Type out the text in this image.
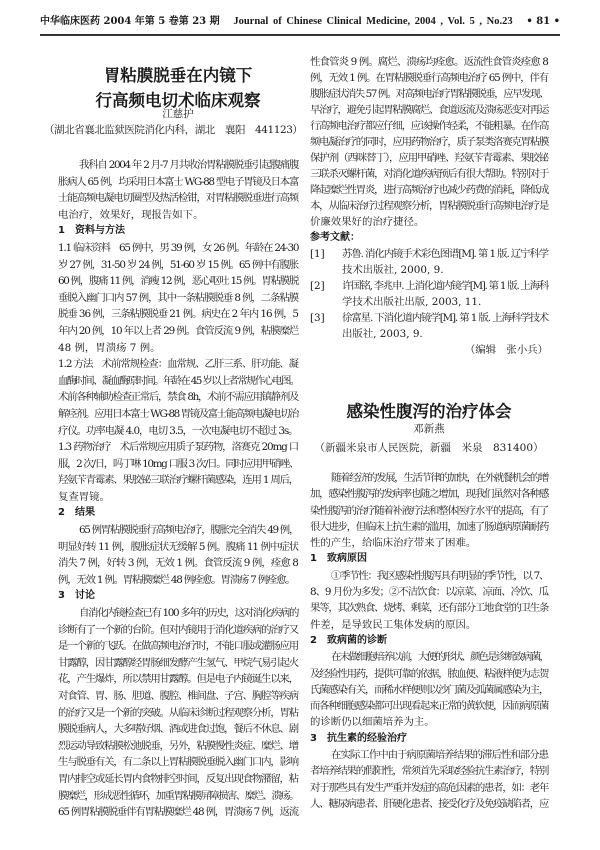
中华临床医药 2004 年第 5 卷第 23 期	Journal of Chinese Clinical Medicine, 2004 , Vol. 5 , No.23	• 81 •
胃粘膜脱垂在内镜下
行高频电切术临床观察
江慈护
（湖北省襄北监狱医院消化内科，湖北　襄阳　441123）
我科自 2004 年 2 月-7 月共收治胃粘膜脱垂引起腹痛腹
胀病人 65 例，均采用日本富士 WG-88 型电子胃镜及日本富
士能高频电凝电切圈型及热活检钳，对胃粘膜脱垂进行高频
电治疗，效果好，现报告如下。
1　资料与方法
1.1 临床资料　65 例中，男 39 例，女 26 例。年龄在 24-30
岁 27 例，31-50 岁 24 例，51-60 岁 15 例。65 例中有腹胀
60 例，腹痛 11 例，消瘦 12 例，恶心呕吐 15 例。胃粘膜脱
垂脱入幽门口内 57 例，其中一条粘膜脱垂 8 例，二条粘膜
脱垂 36 例，三条粘膜脱垂 21 例。病史在 2 年内 16 例，5
年内 20 例，10 年以上者 29 例。食管反流 9 例，粘膜糜烂
48 例，胃溃疡 7 例。
1.2 方法　术前常规检查：血常规、乙肝三系、肝功能、凝
血酶时间、凝血酶原时间。年龄在 45 岁以上者常规作心电图。
术前各种辅助检查正常后，禁食 8h，术前不需应用镇静剂及
解痉剂。应用日本富士 WG-88 胃镜及富士能高频电凝电切治
疗仪。功率电凝 4.0，电切 3.5，一次电凝电切不超过 3s。
1.3 药物治疗　术后常规应用质子泵药物，洛赛克 20mg 口
服，2 次/日，吗丁啉 10mg 口服 3 次/日。同时应用甲硝唑、
羟氨苄青霉素、果胶铋三联治疗螺杆菌感染，连用 1 周后，
复查胃镜。
2　结果
65 例胃粘膜脱垂行高频电治疗，腹胀完全消失 49 例，
明显好转 11 例，腹胀症状无缓解 5 例。腹痛 11 例中症状
消失 7 例，好转 3 例，无效 1 例。食管反流 9 例，痊愈 8
例，无效 1 例。胃粘膜糜烂 48 例痊愈。胃溃疡 7 例痊愈。
3　讨论
自消化内镜检查已有 100 多年的历史，这对消化疾病的
诊断有了一个新的台阶。但对内镜用于消化道疾病的治疗又
是一个新的飞跃。在做高频电治疗时，不能口服或灌肠应用
甘露醇，因甘露醇经胃肠细发酵产生氢气、甲烷气易引起火
花，产生爆炸，所以禁用甘露醇。但是电子内镜诞生以来，
对食管、胃、肠、胆道、腹腔、椎间盘、子宫、胸腔等疾病
的治疗又是一个新的突破。从临床诊断过程观察分析，胃粘
膜脱垂病人，大多嗜好烟、酒或进食过饱，餐后不休息、剧
烈运动导致粘膜松弛脱垂，另外，粘膜慢性炎症、糜烂、增
生与脱垂有关，有二条以上胃粘膜脱垂脱入幽门口内，影响
胃内排空或延长胃内食物排空时间，反复出现食物潴留，粘
膜糜烂，形成恶性循环，加重胃粘膜屏障损害、糜烂、溃疡。
65 例胃粘膜脱垂伴有胃粘膜糜烂 48 例，胃溃疡 7 例，返流
性食管炎 9 例。腐烂、溃疡均痊愈。返流性食管炎痊愈 8
例，无效 1 例。在胃粘膜脱垂行高频电治疗 65 例中，伴有
腹胀症状消失 57 例。对高频电治疗胃粘膜脱垂，应早发现、
早治疗，避免引起胃粘膜腐烂、食道返流及溃疡恶变对再运
行高频电治疗都应仔细，应该操作轻柔，不能粗暴。在作高
频电凝治疗的同时，应用药物治疗，质子泵类洛赛克胃粘膜
保护剂（西咪替丁），应用甲硝唑、羟氨苄青霉素、果胶铋
三联杀灭螺杆菌，对消化道疾病预后有很大帮助。特别对于
降起糜烂性胃炎，进行高频治疗也减少药费的消耗，降低成
本，从临床治疗过程观察分析，胃粘膜脱垂行高频电治疗是
价廉效果好的治疗捷径。
参考文献：
[1]	苏鲁. 消化内镜手术彩色图谱[M]. 第 1 版. 辽宁科学
技术出版社, 2000, 9.
[2]	许国铭, 李兆申. 上消化道内镜学[M]. 第 1 版. 上海科
学技术出版社出版, 2003, 11.
[3]	徐富星. 下消化道内镜学[M]. 第 1 版. 上海科学技术
出版社, 2003, 9.
（编辑　张小兵）
感染性腹泻的治疗体会
邓新燕
（新疆米泉市人民医院，新疆　米泉　831400）
随着经济的发展，生活节律的加快，在外就餐机会的增
加，感染性腹泻的发病率也随之增加，现我们虽然对各种感
染性腹泻的治疗随着补液疗法和整体医疗水平的提高，有了
很大进步，但临床上抗生素的滥用，加速了肠道病原菌耐药
性的产生，给临床治疗带来了困难。
1　致病原因
①季节性：我区感染性腹泻具有明显的季节性，以 7、
8、9 月份为多发；②不洁饮食：以凉菜、凉面、冷饮、瓜
果等，其次熟食、烧烤、剩菜，还有部分工地食堂的卫生条
件差，是导致民工集体发病的原因。
2　致病菌的诊断
在未做细胞培养以前，大便的形状、颜色是诊断致病菌，
及经验性用药，提供可靠的依据，脓血便、粘液样便为志贺
氏菌感染有关，而稀水样便则以沙门菌及弧菌属感染为主，
而各种细胞感染都可出现看起来正常的黄软便，因而病原菌
的诊断仍以细菌培养为主。
3　抗生素的经验治疗
在实际工作中由于病原菌培养结果的滞后性和部分患
者培养结果的假阳性，常须首先采取经验抗生素治疗，特别
对于那些具有发生严重并发症的高危因素的患者，如：老年
人、糖尿病患者、肝硬化患者、接受化疗及免疫缺陷者，应
